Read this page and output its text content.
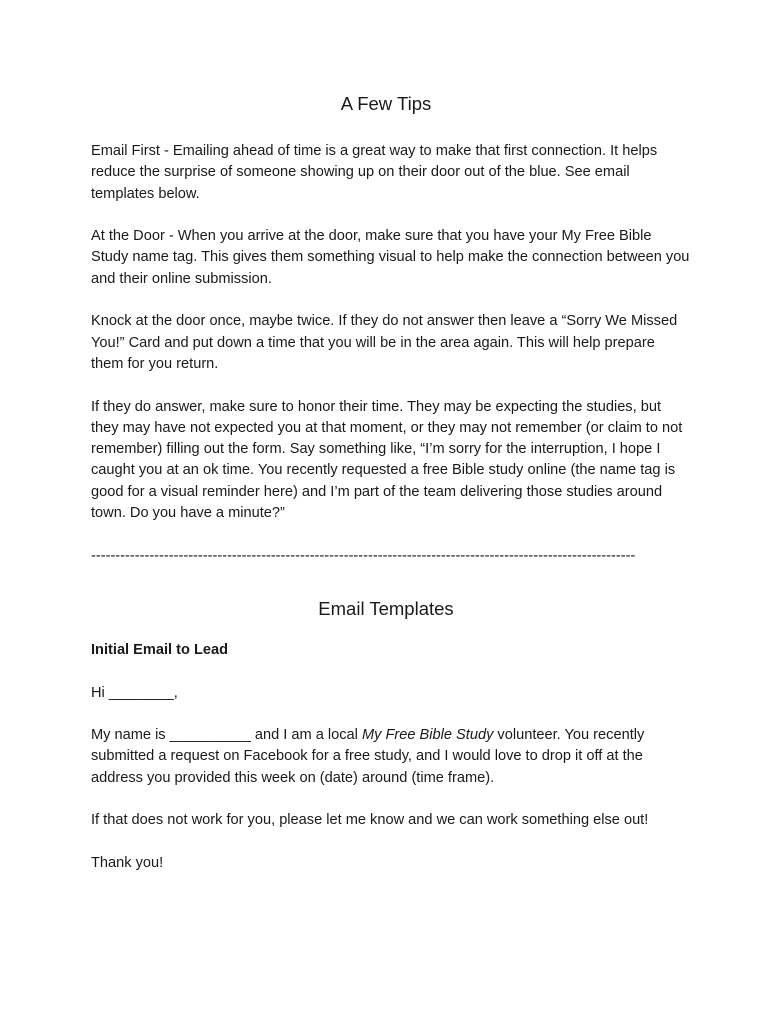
A Few Tips

Email First - Emailing ahead of time is a great way to make that first connection. It helps reduce the surprise of someone showing up on their door out of the blue. See email templates below.

At the Door - When you arrive at the door, make sure that you have your My Free Bible Study name tag. This gives them something visual to help make the connection between you and their online submission.

Knock at the door once, maybe twice. If they do not answer then leave a “Sorry We Missed You!” Card and put down a time that you will be in the area again. This will help prepare them for you return.

If they do answer, make sure to honor their time. They may be expecting the studies, but they may have not expected you at that moment, or they may not remember (or claim to not remember) filling out the form. Say something like, “I’m sorry for the interruption, I hope I caught you at an ok time. You recently requested a free Bible study online (the name tag is good for a visual reminder here) and I’m part of the team delivering those studies around town. Do you have a minute?”

----------------------------------------------------------------------------------------------------------------
Email Templates

Initial Email to Lead

Hi ________,

My name is __________ and I am a local My Free Bible Study volunteer. You recently submitted a request on Facebook for a free study, and I would love to drop it off at the address you provided this week on (date) around (time frame).

If that does not work for you, please let me know and we can work something else out!

Thank you!
